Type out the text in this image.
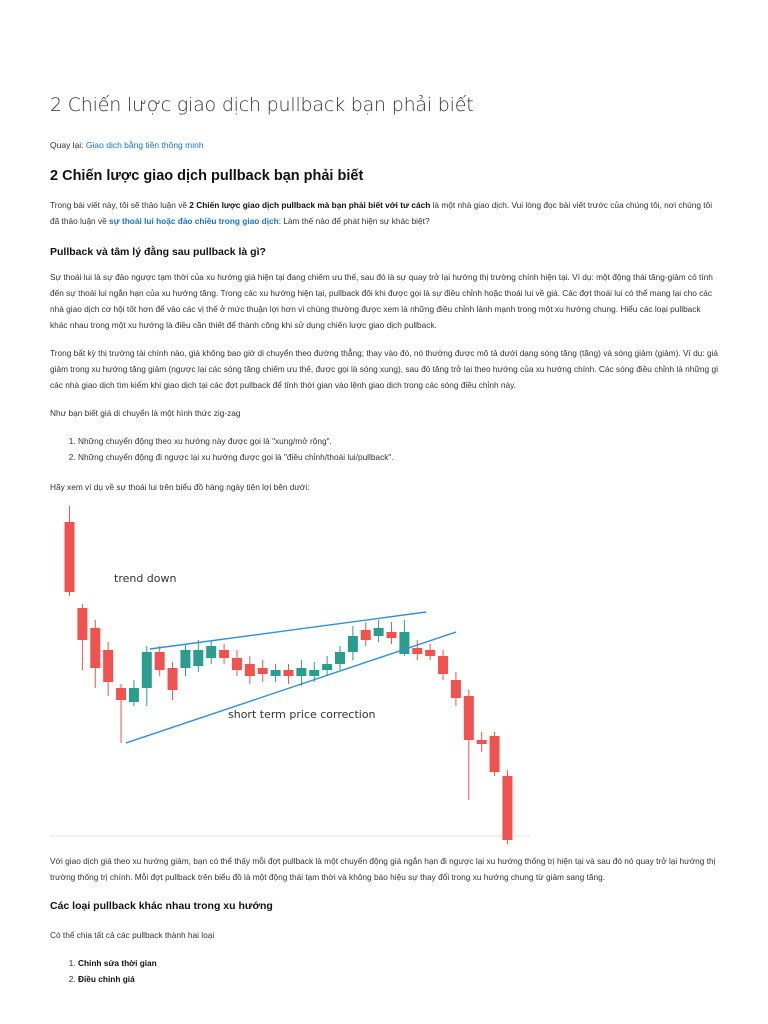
2 Chiến lược giao dịch pullback bạn phải biết
Quay lại: Giao dịch bằng tiền thông minh
2 Chiến lược giao dịch pullback bạn phải biết

Trong bài viết này, tôi sẽ thảo luận về 2 Chiến lược giao dịch pullback mà bạn phải biết với tư cách là một nhà giao dịch. Vui lòng đọc bài viết trước của chúng tôi, nơi chúng tôi đã thảo luận về sự thoái lui hoặc đảo chiều trong giao dịch: Làm thế nào để phát hiện sự khác biệt?

Pullback và tâm lý đằng sau pullback là gì?

Sự thoái lui là sự đảo ngược tạm thời của xu hướng giá hiện tại đang chiếm ưu thế, sau đó là sự quay trở lại hướng thị trường chính hiện tại. Ví dụ: một động thái tăng-giảm có tính đến sự thoái lui ngắn hạn của xu hướng tăng. Trong các xu hướng hiện tại, pullback đôi khi được gọi là sự điều chỉnh hoặc thoái lui về giá. Các đợt thoái lui có thể mang lại cho các nhà giao dịch cơ hội tốt hơn để vào các vị thế ở mức thuận lợi hơn vì chúng thường được xem là những điều chỉnh lành mạnh trong một xu hướng chung. Hiểu các loại pullback khác nhau trong một xu hướng là điều cần thiết để thành công khi sử dụng chiến lược giao dịch pullback.

Trong bất kỳ thị trường tài chính nào, giá không bao giờ di chuyển theo đường thẳng; thay vào đó, nó thường được mô tả dưới dạng sóng tăng (tăng) và sóng giảm (giảm). Ví dụ: giá giảm trong xu hướng tăng giảm (ngược lại các sóng tăng chiếm ưu thế, được gọi là sóng xung), sau đó tăng trở lại theo hướng của xu hướng chính. Các sóng điều chỉnh là những gì các nhà giao dịch tìm kiếm khi giao dịch tại các đợt pullback để tính thời gian vào lệnh giao dịch trong các sóng điều chỉnh này.

Như bạn biết giá di chuyển là một hình thức zig-zag

1. Những chuyển động theo xu hướng này được gọi là "xung/mở rộng".
2. Những chuyển động đi ngược lại xu hướng được gọi là "điều chỉnh/thoái lui/pullback".

Hãy xem ví dụ về sự thoái lui trên biểu đồ hàng ngày tiện lợi bên dưới:

trend down
short term price correction

Với giao dịch giá theo xu hướng giảm, bạn có thể thấy mỗi đợt pullback là một chuyển động giá ngắn hạn đi ngược lại xu hướng thống trị hiện tại và sau đó nó quay trở lại hướng thị trường thống trị chính. Mỗi đợt pullback trên biểu đồ là một động thái tạm thời và không báo hiệu sự thay đổi trong xu hướng chung từ giảm sang tăng.

Các loại pullback khác nhau trong xu hướng

Có thể chia tất cả các pullback thành hai loại

1. Chỉnh sửa thời gian
2. Điều chỉnh giá
